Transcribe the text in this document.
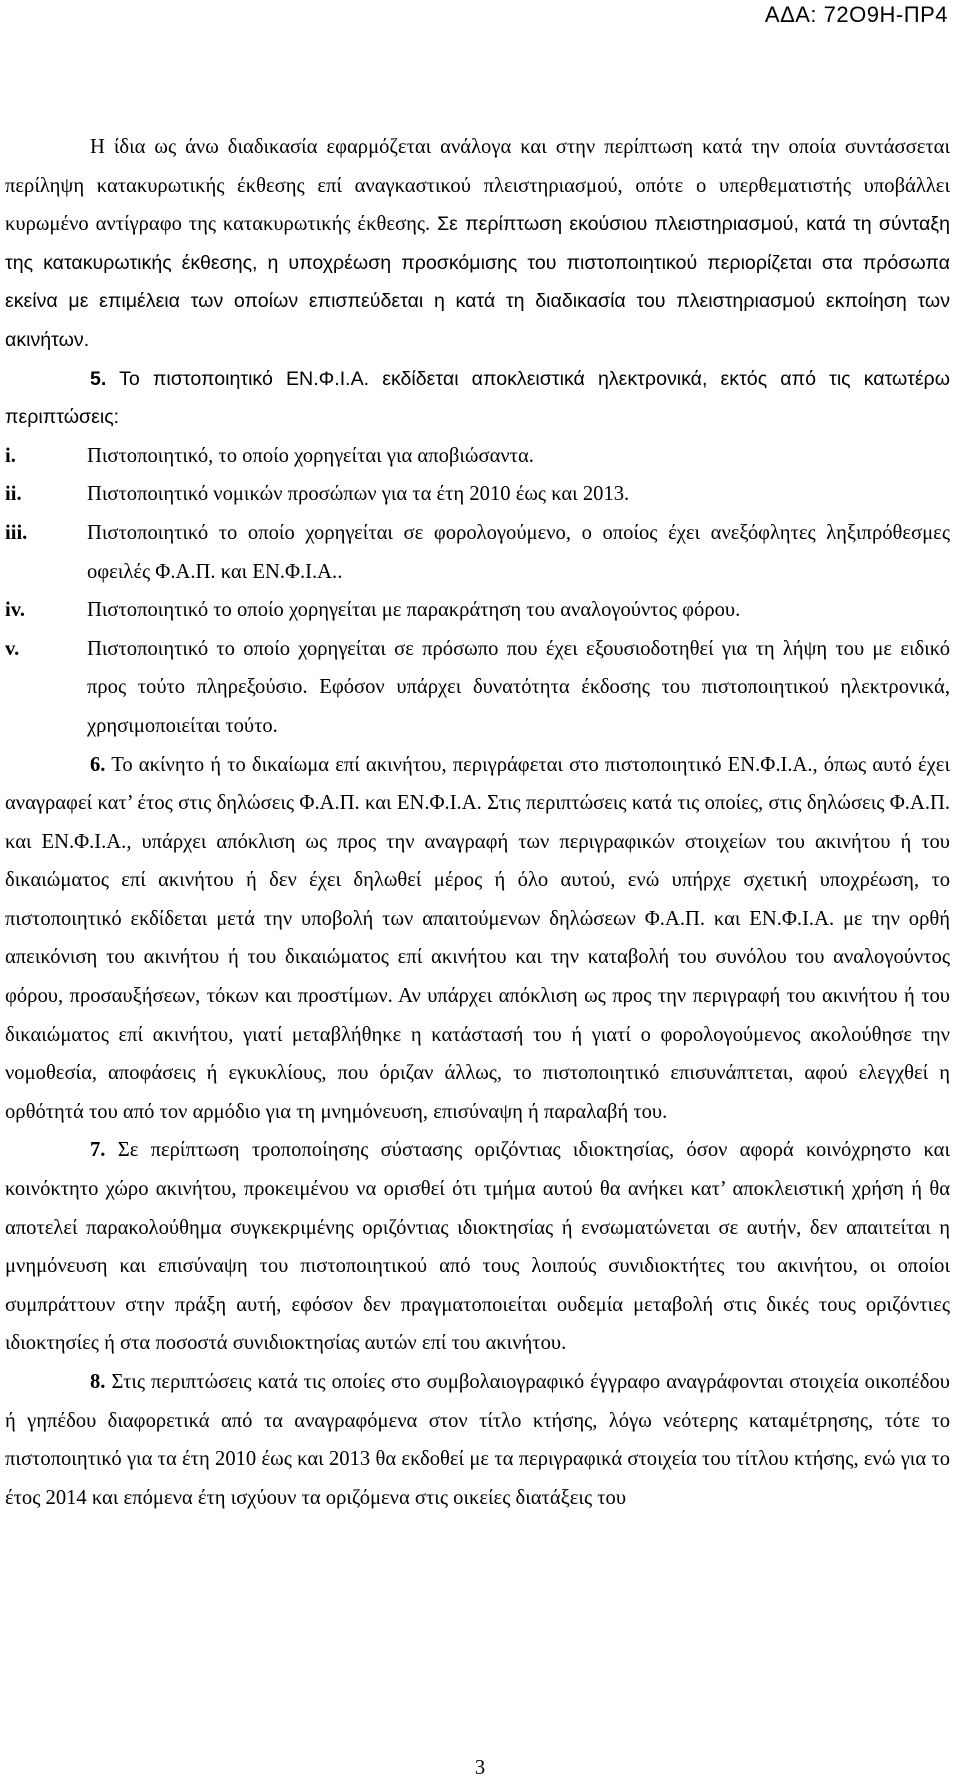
ΑΔΑ: 72Ο9Η-ΠΡ4

Η ίδια ως άνω διαδικασία εφαρμόζεται ανάλογα και στην περίπτωση κατά την οποία συντάσσεται περίληψη κατακυρωτικής έκθεσης επί αναγκαστικού πλειστηριασμού, οπότε ο υπερθεματιστής υποβάλλει κυρωμένο αντίγραφο της κατακυρωτικής έκθεσης. Σε περίπτωση εκούσιου πλειστηριασμού, κατά τη σύνταξη της κατακυρωτικής έκθεσης, η υποχρέωση προσκόμισης του πιστοποιητικού περιορίζεται στα πρόσωπα εκείνα με επιμέλεια των οποίων επισπεύδεται η κατά τη διαδικασία του πλειστηριασμού εκποίηση των ακινήτων.

5. Το πιστοποιητικό ΕΝ.Φ.Ι.Α. εκδίδεται αποκλειστικά ηλεκτρονικά, εκτός από τις κατωτέρω περιπτώσεις:

i.	Πιστοποιητικό, το οποίο χορηγείται για αποβιώσαντα.
ii.	Πιστοποιητικό νομικών προσώπων για τα έτη 2010 έως και 2013.
iii.	Πιστοποιητικό το οποίο χορηγείται σε φορολογούμενο, ο οποίος έχει ανεξόφλητες ληξιπρόθεσμες οφειλές Φ.Α.Π. και ΕΝ.Φ.Ι.Α..
iv.	Πιστοποιητικό το οποίο χορηγείται με παρακράτηση του αναλογούντος φόρου.
v.	Πιστοποιητικό το οποίο χορηγείται σε πρόσωπο που έχει εξουσιοδοτηθεί για τη λήψη του με ειδικό προς τούτο πληρεξούσιο. Εφόσον υπάρχει δυνατότητα έκδοσης του πιστοποιητικού ηλεκτρονικά, χρησιμοποιείται τούτο.

6. Το ακίνητο ή το δικαίωμα επί ακινήτου, περιγράφεται στο πιστοποιητικό ΕΝ.Φ.Ι.Α., όπως αυτό έχει αναγραφεί κατ’ έτος στις δηλώσεις Φ.Α.Π. και ΕΝ.Φ.Ι.Α. Στις περιπτώσεις κατά τις οποίες, στις δηλώσεις Φ.Α.Π. και ΕΝ.Φ.Ι.Α., υπάρχει απόκλιση ως προς την αναγραφή των περιγραφικών στοιχείων του ακινήτου ή του δικαιώματος επί ακινήτου ή δεν έχει δηλωθεί μέρος ή όλο αυτού, ενώ υπήρχε σχετική υποχρέωση, το πιστοποιητικό εκδίδεται μετά την υποβολή των απαιτούμενων δηλώσεων Φ.Α.Π. και ΕΝ.Φ.Ι.Α. με την ορθή απεικόνιση του ακινήτου ή του δικαιώματος επί ακινήτου και την καταβολή του συνόλου του αναλογούντος φόρου, προσαυξήσεων, τόκων και προστίμων. Αν υπάρχει απόκλιση ως προς την περιγραφή του ακινήτου ή του δικαιώματος επί ακινήτου, γιατί μεταβλήθηκε η κατάστασή του ή γιατί ο φορολογούμενος ακολούθησε την νομοθεσία, αποφάσεις ή εγκυκλίους, που όριζαν άλλως, το πιστοποιητικό επισυνάπτεται, αφού ελεγχθεί η ορθότητά του από τον αρμόδιο για τη μνημόνευση, επισύναψη ή παραλαβή του.

7. Σε περίπτωση τροποποίησης σύστασης οριζόντιας ιδιοκτησίας, όσον αφορά κοινόχρηστο και κοινόκτητο χώρο ακινήτου, προκειμένου να ορισθεί ότι τμήμα αυτού θα ανήκει κατ’ αποκλειστική χρήση ή θα αποτελεί παρακολούθημα συγκεκριμένης οριζόντιας ιδιοκτησίας ή ενσωματώνεται σε αυτήν, δεν απαιτείται η μνημόνευση και επισύναψη του πιστοποιητικού από τους λοιπούς συνιδιοκτήτες του ακινήτου, οι οποίοι συμπράττουν στην πράξη αυτή, εφόσον δεν πραγματοποιείται ουδεμία μεταβολή στις δικές τους οριζόντιες ιδιοκτησίες ή στα ποσοστά συνιδιοκτησίας αυτών επί του ακινήτου.

8. Στις περιπτώσεις κατά τις οποίες στο συμβολαιογραφικό έγγραφο αναγράφονται στοιχεία οικοπέδου ή γηπέδου διαφορετικά από τα αναγραφόμενα στον τίτλο κτήσης, λόγω νεότερης καταμέτρησης, τότε το πιστοποιητικό για τα έτη 2010 έως και 2013 θα εκδοθεί με τα περιγραφικά στοιχεία του τίτλου κτήσης, ενώ για το έτος 2014 και επόμενα έτη ισχύουν τα οριζόμενα στις οικείες διατάξεις του

3
